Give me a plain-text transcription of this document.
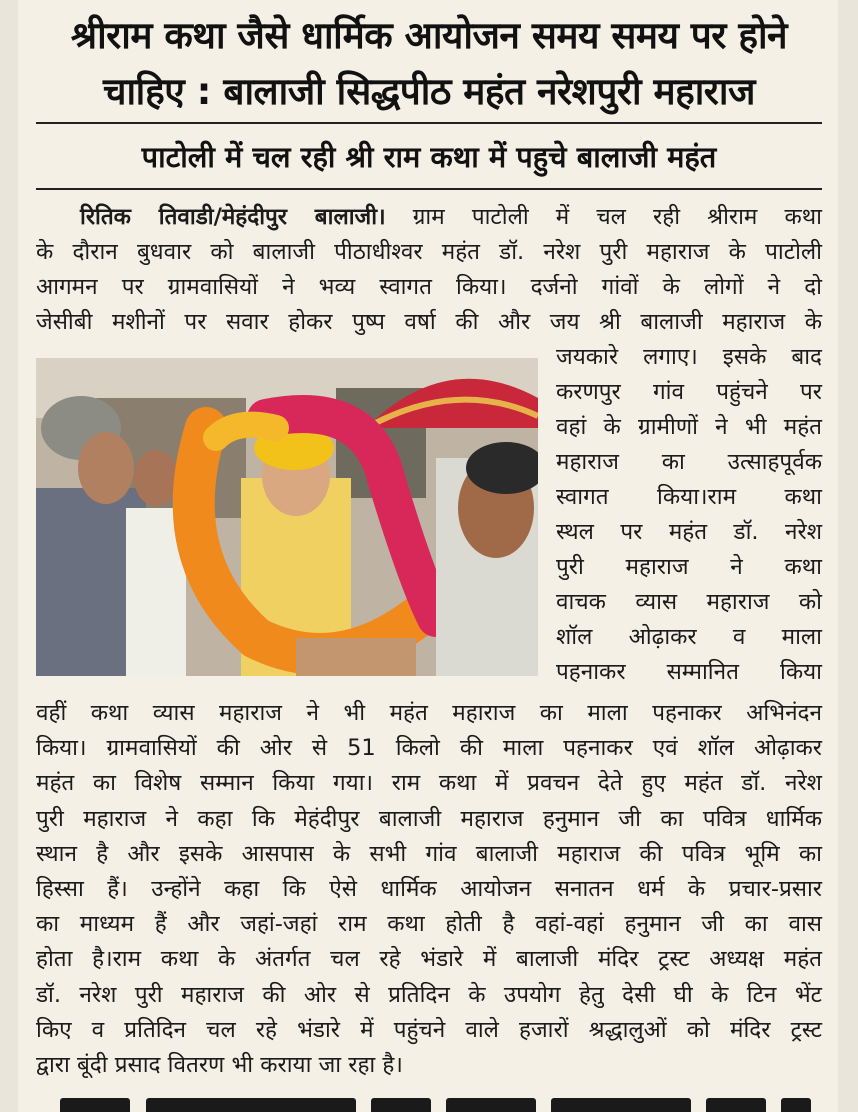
श्रीराम कथा जैसे धार्मिक आयोजन समय समय पर होने
चाहिए : बालाजी सिद्धपीठ महंत नरेशपुरी महाराज
पाटोली में चल रही श्री राम कथा में पहुचे बालाजी महंत
रितिक तिवाडी/मेहंदीपुर बालाजी। ग्राम पाटोली में चल रही श्रीराम कथा
के दौरान बुधवार को बालाजी पीठाधीश्वर महंत डॉ. नरेश पुरी महाराज के पाटोली
आगमन पर ग्रामवासियों ने भव्य स्वागत किया। दर्जनो गांवों के लोगों ने दो
जेसीबी मशीनों पर सवार होकर पुष्प वर्षा की और जय श्री बालाजी महाराज के
जयकारे लगाए। इसके बाद
करणपुर गांव पहुंचने पर
वहां के ग्रामीणों ने भी महंत
महाराज का उत्साहपूर्वक
स्वागत किया।राम कथा
स्थल पर महंत डॉ. नरेश
पुरी महाराज ने कथा
वाचक व्यास महाराज को
शॉल ओढ़ाकर व माला
पहनाकर सम्मानित किया
वहीं कथा व्यास महाराज ने भी महंत महाराज का माला पहनाकर अभिनंदन
किया। ग्रामवासियों की ओर से 51 किलो की माला पहनाकर एवं शॉल ओढ़ाकर
महंत का विशेष सम्मान किया गया। राम कथा में प्रवचन देते हुए महंत डॉ. नरेश
पुरी महाराज ने कहा कि मेहंदीपुर बालाजी महाराज हनुमान जी का पवित्र धार्मिक
स्थान है और इसके आसपास के सभी गांव बालाजी महाराज की पवित्र भूमि का
हिस्सा हैं। उन्होंने कहा कि ऐसे धार्मिक आयोजन सनातन धर्म के प्रचार-प्रसार
का माध्यम हैं और जहां-जहां राम कथा होती है वहां-वहां हनुमान जी का वास
होता है।राम कथा के अंतर्गत चल रहे भंडारे में बालाजी मंदिर ट्रस्ट अध्यक्ष महंत
डॉ. नरेश पुरी महाराज की ओर से प्रतिदिन के उपयोग हेतु देसी घी के टिन भेंट
किए व प्रतिदिन चल रहे भंडारे में पहुंचने वाले हजारों श्रद्धालुओं को मंदिर ट्रस्ट
द्वारा बूंदी प्रसाद वितरण भी कराया जा रहा है।
